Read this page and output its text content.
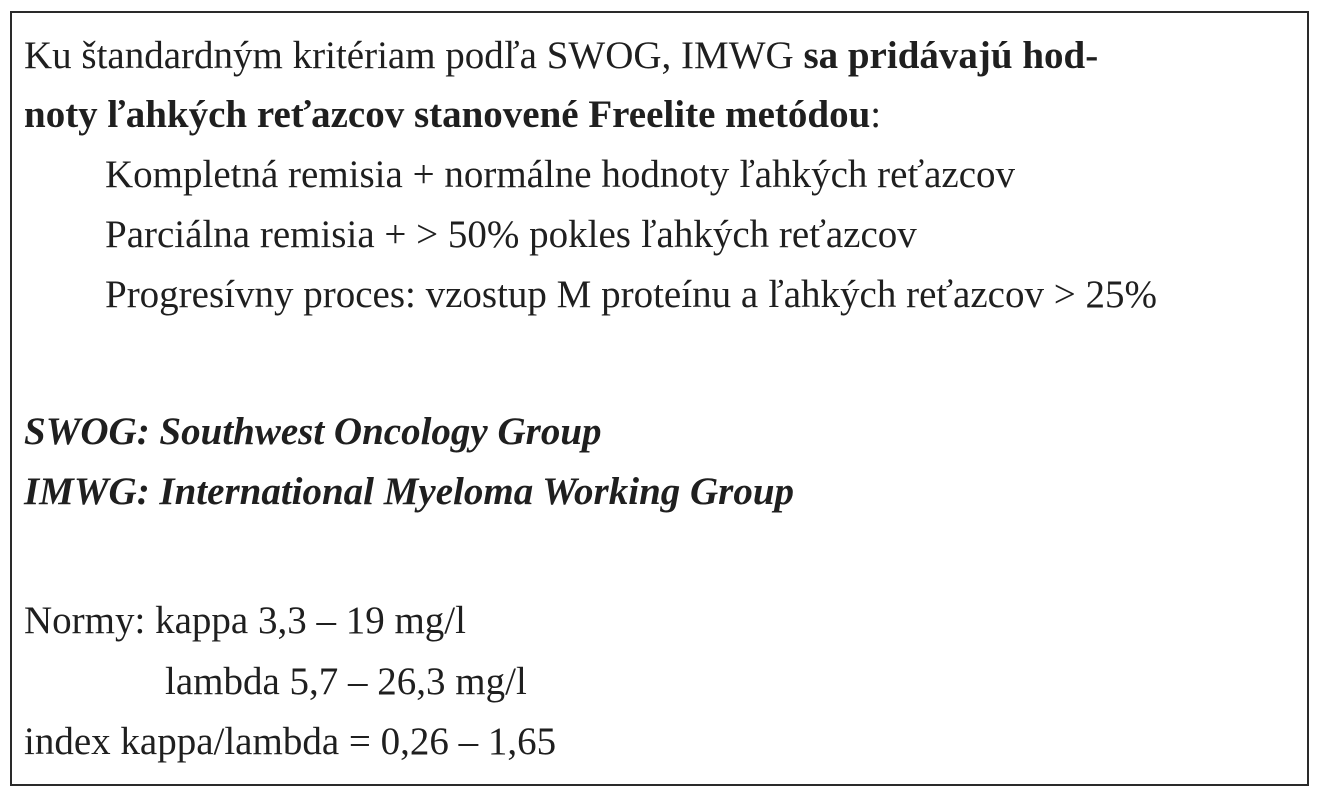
Ku štandardným kritériam podľa SWOG, IMWG sa pridávajú hod-
noty ľahkých reťazcov stanovené Freelite metódou:
Kompletná remisia + normálne hodnoty ľahkých reťazcov
Parciálna remisia + > 50% pokles ľahkých reťazcov
Progresívny proces: vzostup M proteínu a ľahkých reťazcov > 25%
SWOG: Southwest Oncology Group
IMWG: International Myeloma Working Group
Normy: kappa 3,3 – 19 mg/l
lambda 5,7 – 26,3 mg/l
index kappa/lambda = 0,26 – 1,65
